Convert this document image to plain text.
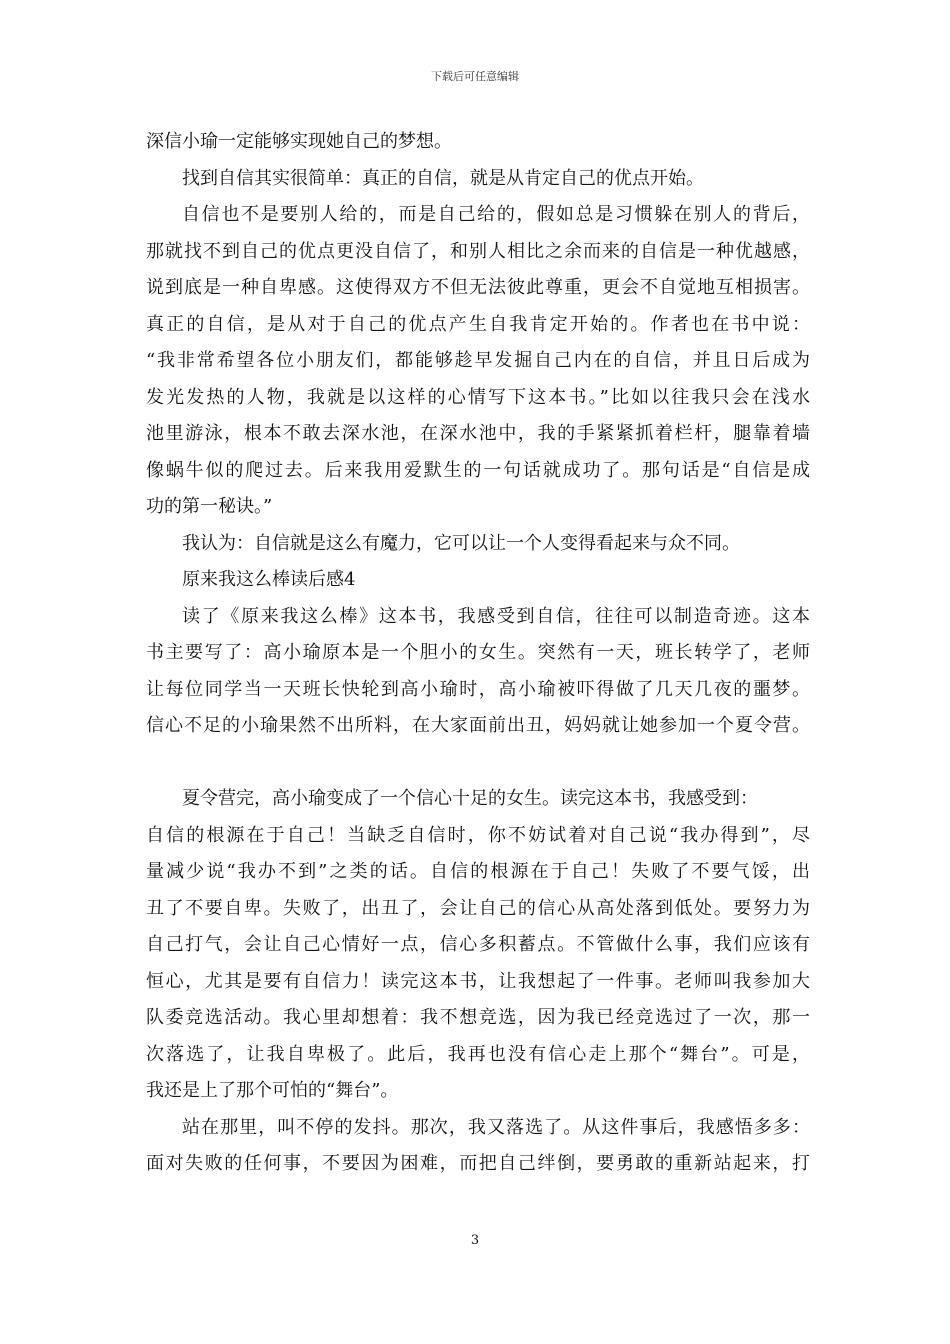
下载后可任意编辑
深信小瑜一定能够实现她自己的梦想。
找到自信其实很简单：真正的自信，就是从肯定自己的优点开始。
自信也不是要别人给的，而是自己给的，假如总是习惯躲在别人的背后，
那就找不到自己的优点更没自信了，和别人相比之余而来的自信是一种优越感，
说到底是一种自卑感。这使得双方不但无法彼此尊重，更会不自觉地互相损害。
真正的自信，是从对于自己的优点产生自我肯定开始的。作者也在书中说：
“我非常希望各位小朋友们，都能够趁早发掘自己内在的自信，并且日后成为
发光发热的人物，我就是以这样的心情写下这本书。”比如以往我只会在浅水
池里游泳，根本不敢去深水池，在深水池中，我的手紧紧抓着栏杆，腿靠着墙
像蜗牛似的爬过去。后来我用爱默生的一句话就成功了。那句话是“自信是成
功的第一秘诀。”
我认为：自信就是这么有魔力，它可以让一个人变得看起来与众不同。
原来我这么棒读后感4
读了《原来我这么棒》这本书，我感受到自信，往往可以制造奇迹。这本
书主要写了：高小瑜原本是一个胆小的女生。突然有一天，班长转学了，老师
让每位同学当一天班长快轮到高小瑜时，高小瑜被吓得做了几天几夜的噩梦。
信心不足的小瑜果然不出所料，在大家面前出丑，妈妈就让她参加一个夏令营。
夏令营完，高小瑜变成了一个信心十足的女生。读完这本书，我感受到：
自信的根源在于自己！当缺乏自信时，你不妨试着对自己说“我办得到”，尽
量减少说“我办不到”之类的话。自信的根源在于自己！失败了不要气馁，出
丑了不要自卑。失败了，出丑了，会让自己的信心从高处落到低处。要努力为
自己打气，会让自己心情好一点，信心多积蓄点。不管做什么事，我们应该有
恒心，尤其是要有自信力！读完这本书，让我想起了一件事。老师叫我参加大
队委竞选活动。我心里却想着：我不想竞选，因为我已经竞选过了一次，那一
次落选了，让我自卑极了。此后，我再也没有信心走上那个“舞台”。可是，
我还是上了那个可怕的“舞台”。
站在那里，叫不停的发抖。那次，我又落选了。从这件事后，我感悟多多：
面对失败的任何事，不要因为困难，而把自己绊倒，要勇敢的重新站起来，打
3
